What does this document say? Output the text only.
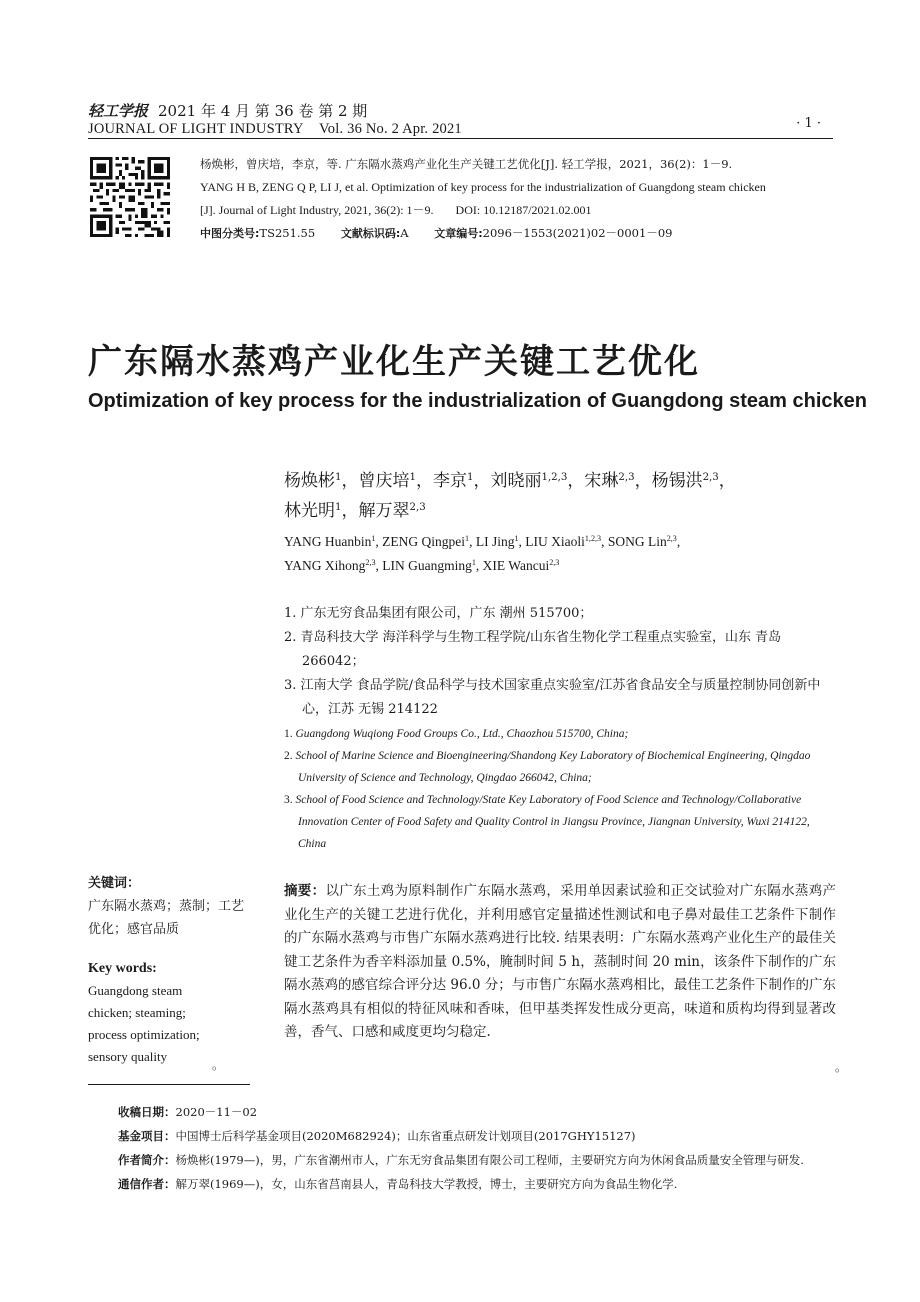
轻工学报 2021 年 4 月 第 36 卷 第 2 期
JOURNAL OF LIGHT INDUSTRY Vol. 36 No. 2 Apr. 2021	· 1 ·
杨焕彬，曾庆培，李京，等. 广东隔水蒸鸡产业化生产关键工艺优化[J]. 轻工学报，2021，36(2)：1－9.
YANG H B, ZENG Q P, LI J, et al. Optimization of key process for the industrialization of Guangdong steam chicken
[J]. Journal of Light Industry, 2021, 36(2): 1－9. DOI: 10.12187/2021.02.001
中图分类号:TS251.55 文献标识码:A 文章编号:2096－1553(2021)02－0001－09
广东隔水蒸鸡产业化生产关键工艺优化
Optimization of key process for the industrialization of Guangdong steam chicken
杨焕彬$^1$，曾庆培$^1$，李京$^1$，刘晓丽$^{1,2,3}$，宋琳$^{2,3}$，杨锡洪$^{2,3}$，
林光明$^1$，解万翠$^{2,3}$
YANG Huanbin$^1$, ZENG Qingpei$^1$, LI Jing$^1$, LIU Xiaoli$^{1,2,3}$, SONG Lin$^{2,3}$,
YANG Xihong$^{2,3}$, LIN Guangming$^1$, XIE Wancui$^{2,3}$
1. 广东无穷食品集团有限公司，广东 潮州 515700；
2. 青岛科技大学 海洋科学与生物工程学院/山东省生物化学工程重点实验室，山东 青岛 266042；
3. 江南大学 食品学院/食品科学与技术国家重点实验室/江苏省食品安全与质量控制协同创新中心，江苏 无锡 214122
1. Guangdong Wuqiong Food Groups Co., Ltd., Chaozhou 515700, China;
2. School of Marine Science and Bioengineering/Shandong Key Laboratory of Biochemical Engineering, Qingdao University of Science and Technology, Qingdao 266042, China;
3. School of Food Science and Technology/State Key Laboratory of Food Science and Technology/Collaborative Innovation Center of Food Safety and Quality Control in Jiangsu Province, Jiangnan University, Wuxi 214122, China
关键词：
广东隔水蒸鸡；蒸制；工艺优化；感官品质
Key words:
Guangdong steam
chicken; steaming;
process optimization;
sensory quality
。
摘要：以广东土鸡为原料制作广东隔水蒸鸡，采用单因素试验和正交试验对广东隔水蒸鸡产业化生产的关键工艺进行优化，并利用感官定量描述性测试和电子鼻对最佳工艺条件下制作的广东隔水蒸鸡与市售广东隔水蒸鸡进行比较. 结果表明：广东隔水蒸鸡产业化生产的最佳关键工艺条件为香辛料添加量 0.5%，腌制时间 5 h，蒸制时间 20 min，该条件下制作的广东隔水蒸鸡的感官综合评分达 96.0 分；与市售广东隔水蒸鸡相比，最佳工艺条件下制作的广东隔水蒸鸡具有相似的特征风味和香味，但甲基类挥发性成分更高，味道和质构均得到显著改善，香气、口感和咸度更均匀稳定.
。
收稿日期：2020－11－02
基金项目：中国博士后科学基金项目(2020M682924)；山东省重点研发计划项目(2017GHY15127)
作者简介：杨焕彬(1979—)，男，广东省潮州市人，广东无穷食品集团有限公司工程师，主要研究方向为休闲食品质量安全管理与研发.
通信作者：解万翠(1969—)，女，山东省莒南县人，青岛科技大学教授，博士，主要研究方向为食品生物化学.
